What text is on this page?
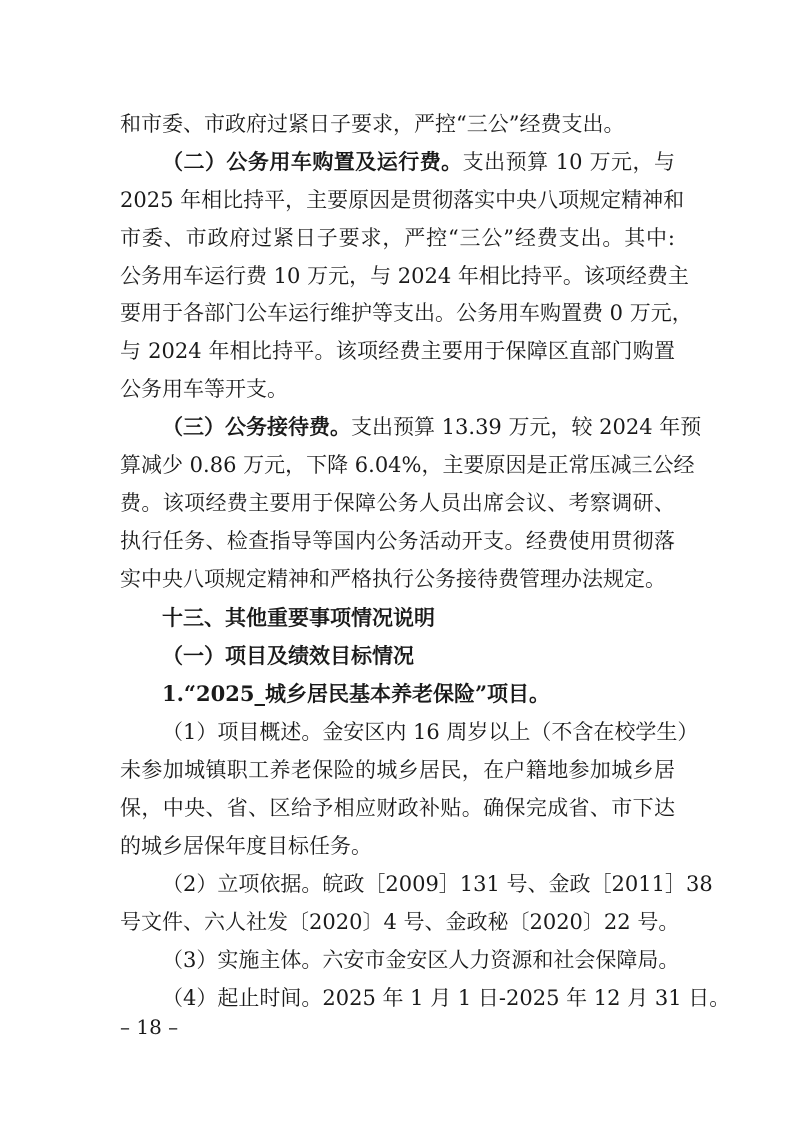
和市委、市政府过紧日子要求，严控“三公”经费支出。
（二）公务用车购置及运行费。支出预算 10 万元，与
2025 年相比持平，主要原因是贯彻落实中央八项规定精神和
市委、市政府过紧日子要求，严控“三公”经费支出。其中:
公务用车运行费 10 万元，与 2024 年相比持平。该项经费主
要用于各部门公车运行维护等支出。公务用车购置费 0 万元，
与 2024 年相比持平。该项经费主要用于保障区直部门购置
公务用车等开支。
（三）公务接待费。支出预算 13.39 万元，较 2024 年预
算减少 0.86 万元，下降 6.04%，主要原因是正常压减三公经
费。该项经费主要用于保障公务人员出席会议、考察调研、
执行任务、检查指导等国内公务活动开支。经费使用贯彻落
实中央八项规定精神和严格执行公务接待费管理办法规定。
十三、其他重要事项情况说明
（一）项目及绩效目标情况
1.“2025_城乡居民基本养老保险”项目。
（1）项目概述。金安区内 16 周岁以上（不含在校学生）
未参加城镇职工养老保险的城乡居民，在户籍地参加城乡居
保，中央、省、区给予相应财政补贴。确保完成省、市下达
的城乡居保年度目标任务。
（2）立项依据。皖政［2009］131 号、金政［2011］38
号文件、六人社发〔2020〕4 号、金政秘〔2020〕22 号。
（3）实施主体。六安市金安区人力资源和社会保障局。
（4）起止时间。2025 年 1 月 1 日-2025 年 12 月 31 日。
– 18 –
